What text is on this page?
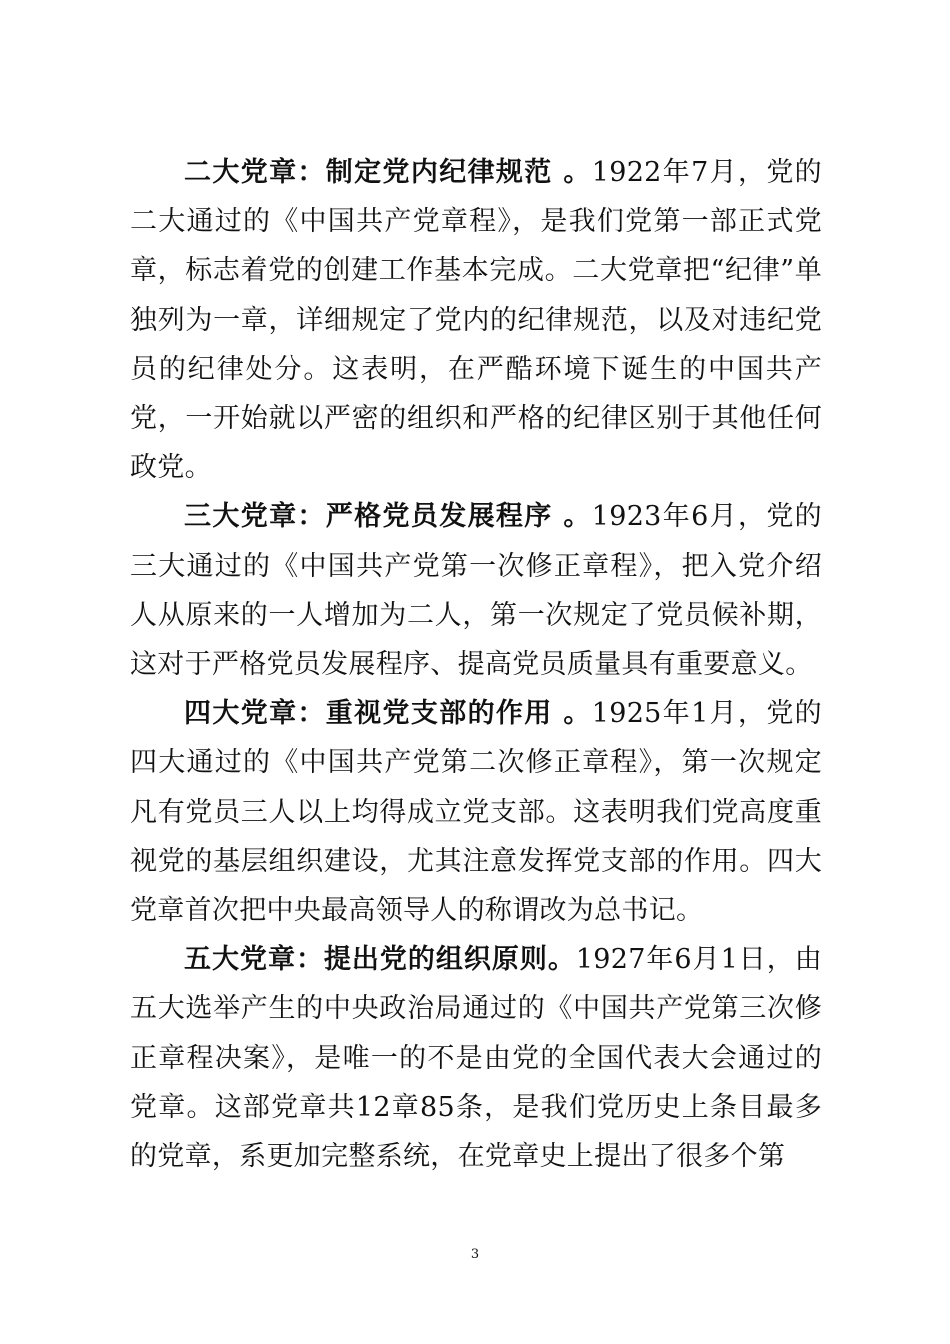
二大党章：制定党内纪律规范 。1922年7月，党的二大通过的《中国共产党章程》，是我们党第一部正式党章，标志着党的创建工作基本完成。二大党章把“纪律”单独列为一章，详细规定了党内的纪律规范，以及对违纪党员的纪律处分。这表明，在严酷环境下诞生的中国共产党，一开始就以严密的组织和严格的纪律区别于其他任何政党。

三大党章：严格党员发展程序 。1923年6月，党的三大通过的《中国共产党第一次修正章程》，把入党介绍人从原来的一人增加为二人，第一次规定了党员候补期，这对于严格党员发展程序、提高党员质量具有重要意义。

四大党章：重视党支部的作用 。1925年1月，党的四大通过的《中国共产党第二次修正章程》，第一次规定凡有党员三人以上均得成立党支部。这表明我们党高度重视党的基层组织建设，尤其注意发挥党支部的作用。四大党章首次把中央最高领导人的称谓改为总书记。

五大党章：提出党的组织原则。1927年6月1日，由五大选举产生的中央政治局通过的《中国共产党第三次修正章程决案》，是唯一的不是由党的全国代表大会通过的党章。这部党章共12章85条，是我们党历史上条目最多的党章，系更加完整系统，在党章史上提出了很多个第

3
